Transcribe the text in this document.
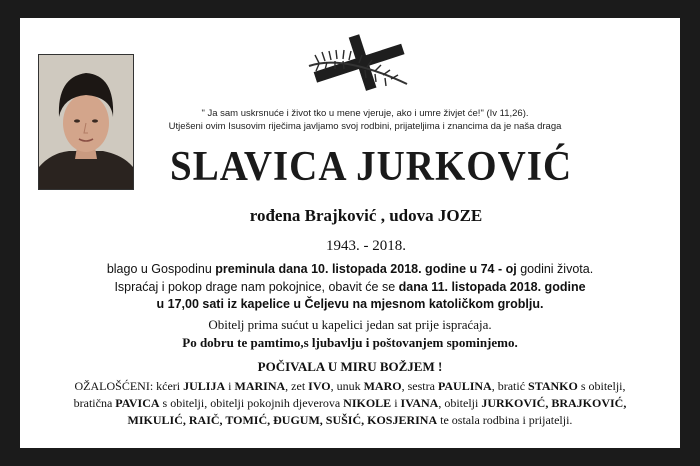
" Ja sam uskrsnuće i život tko u mene vjeruje, ako i umre živjet će!" (Iv 11,26).
Utješeni ovim Isusovim riječima javljamo svoj rodbini, prijateljima i znancima da je naša draga
SLAVICA JURKOVIĆ
rođena Brajković , udova JOZE
1943. - 2018.
blago u Gospodinu preminula dana 10. listopada 2018. godine u 74 - oj godini života.
Ispraćaj i pokop drage nam pokojnice, obavit će se dana 11. listopada 2018. godine
u 17,00 sati iz kapelice u Čeljevu na mjesnom katoličkom groblju.
Obitelj prima sućut u kapelici jedan sat prije ispraćaja.
Po dobru te pamtimo,s ljubavlju i poštovanjem spominjemo.
POČIVALA U MIRU BOŽJEM !
OŽALOŠĆENI: kćeri JULIJA i MARINA, zet IVO, unuk MARO, sestra PAULINA, bratić STANKO s obitelji,
bratična PAVICA s obitelji, obitelji pokojnih djeverova NIKOLE i IVANA, obitelji JURKOVIĆ, BRAJKOVIĆ,
MIKULIĆ, RAIČ, TOMIĆ, ĐUGUM, SUŠIĆ, KOSJERINA te ostala rodbina i prijatelji.
